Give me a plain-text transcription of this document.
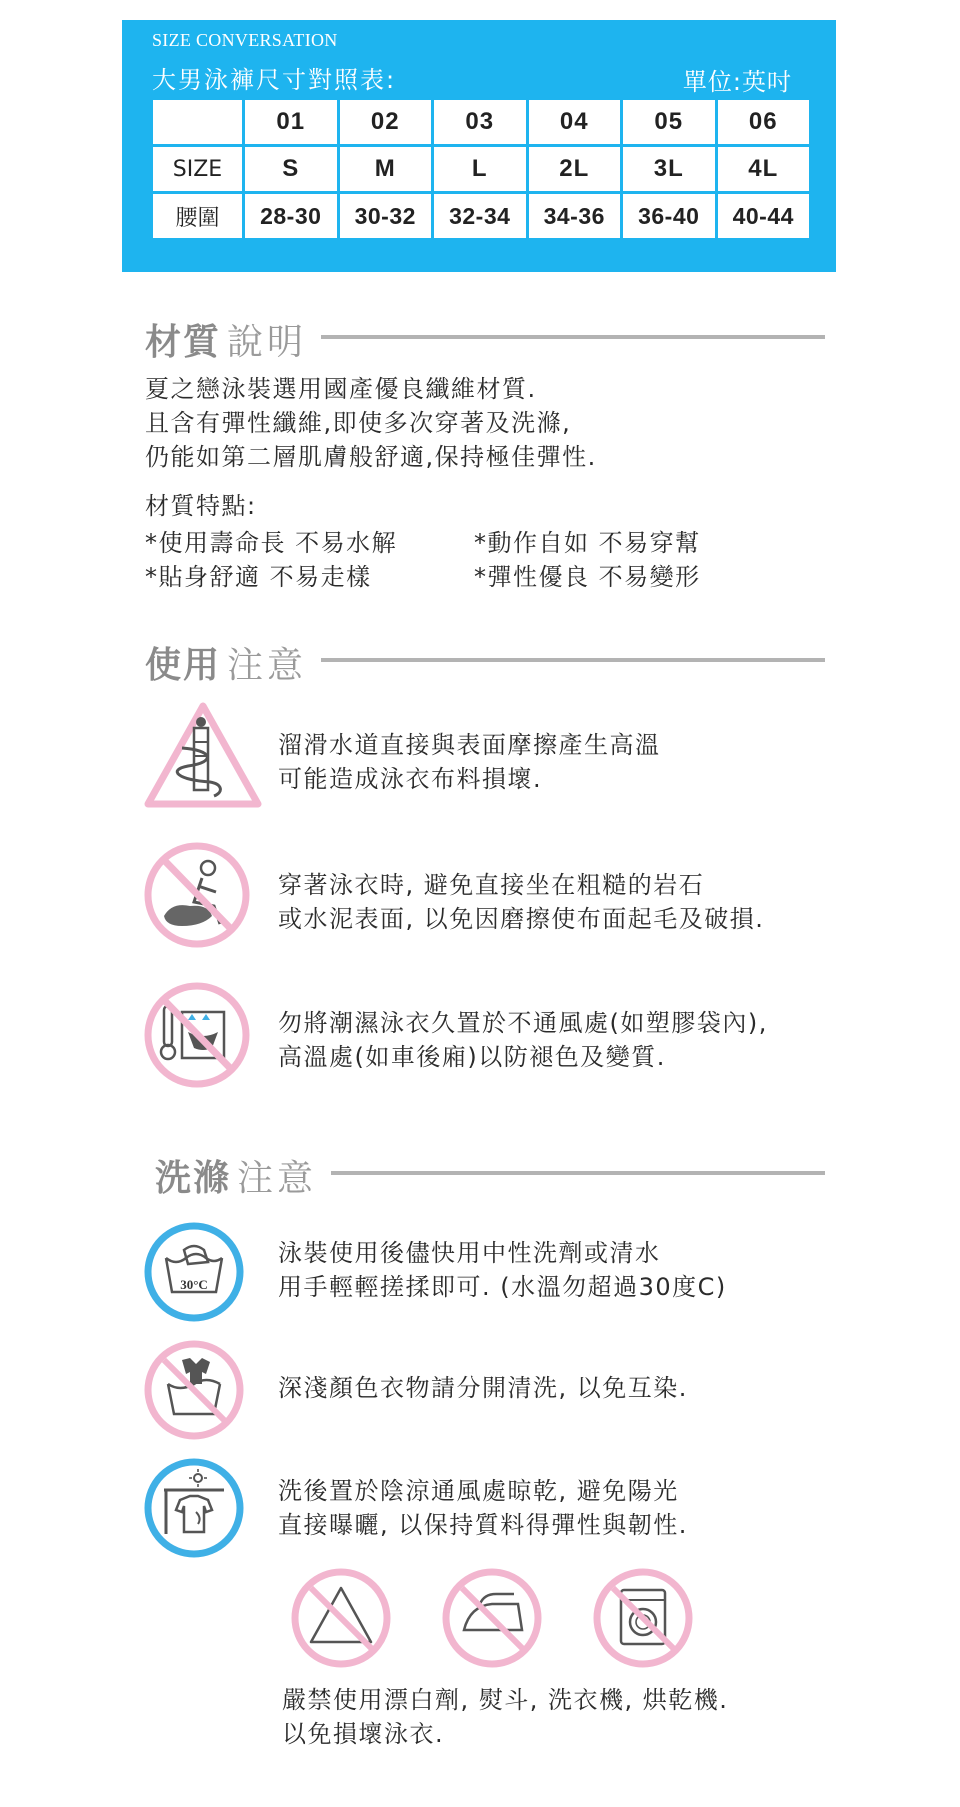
SIZE CONVERSATION
大男泳褲尺寸對照表:	單位:英吋
	01	02	03	04	05	06
SIZE	S	M	L	2L	3L	4L
腰圍	28-30	30-32	32-34	34-36	36-40	40-44
材質 說明
夏之戀泳裝選用國產優良纖維材質.
且含有彈性纖維,即使多次穿著及洗滌,
仍能如第二層肌膚般舒適,保持極佳彈性.
材質特點:
*使用壽命長 不易水解	*動作自如 不易穿幫
*貼身舒適 不易走樣	*彈性優良 不易變形
使用 注意
溜滑水道直接與表面摩擦產生高溫
可能造成泳衣布料損壞.
穿著泳衣時, 避免直接坐在粗糙的岩石
或水泥表面, 以免因磨擦使布面起毛及破損.
勿將潮濕泳衣久置於不通風處(如塑膠袋內),
高溫處(如車後廂)以防褪色及變質.
洗滌 注意
30°C
泳裝使用後儘快用中性洗劑或清水
用手輕輕搓揉即可. (水溫勿超過30度C)
深淺顏色衣物請分開清洗, 以免互染.
洗後置於陰涼通風處晾乾, 避免陽光
直接曝曬, 以保持質料得彈性與韌性.
嚴禁使用漂白劑, 熨斗, 洗衣機, 烘乾機.
以免損壞泳衣.
